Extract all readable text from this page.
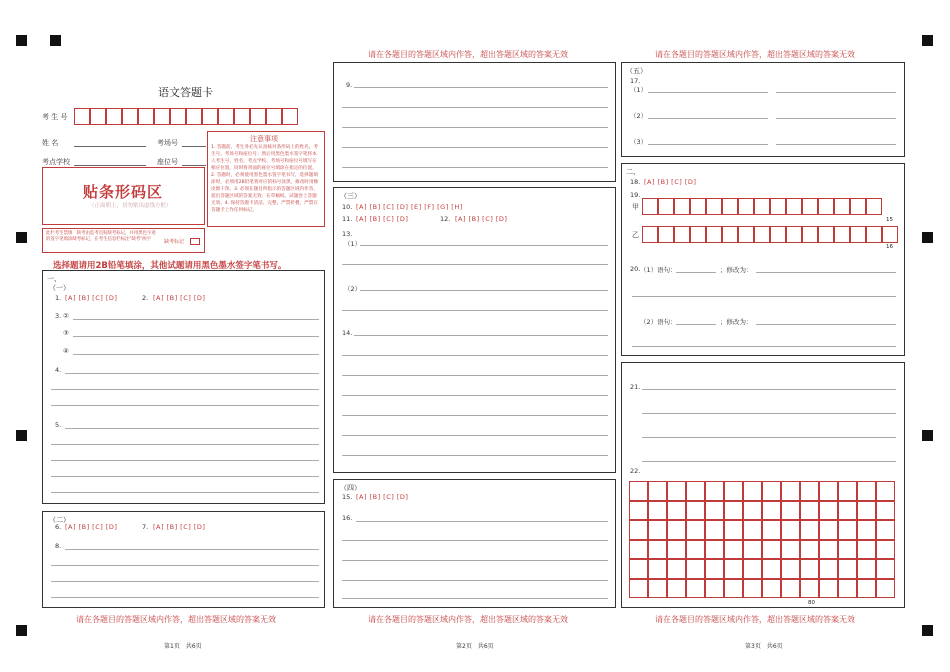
请在各题目的答题区域内作答，超出答题区域的答案无效	请在各题目的答题区域内作答，超出答题区域的答案无效
语文答题卡
考 生 号
姓 名	考场号
考点学校	座位号
贴条形码区
（正面朝上，切勿贴出虚线方框）
注意事项
1. 答题前，考生务必先认真核对条形码上的姓名、考生号、考场号和座位号；然后用黑色墨水签字笔将本人考生号、姓名、考点学校、考场号和座位号填写在相应位置，同时将背面的座位号填涂在指定的位置。2. 答题时，必须使用黑色墨水签字笔书写，选择题填涂时，必须用2B铅笔将对应的标号涂黑，修改时用橡皮擦干净。3. 必须在题目所指示的答题区域内作答，超出答题区域的答案无效；在草稿纸、试题卷上答题无效。4. 保持答题卡清洁、完整，严禁折叠，严禁在答题卡上作任何标记。
此栏考生禁填　缺考由监考员贴缺考标记，并用黑色字迹的签字笔填涂缺考标记，在考生信息栏标注"缺考"两字	缺考标记
选择题请用2B铅笔填涂，其他试题请用黑色墨水签字笔书写。
一、
（一）
1. [A] [B] [C] [D]	2. [A] [B] [C] [D]
3. ②
③
④
4.
5.
（二）
6. [A] [B] [C] [D]	7. [A] [B] [C] [D]
8.
9.
（三）
10. [A] [B] [C] [D] [E] [F] [G] [H]
11. [A] [B] [C] [D]	12. [A] [B] [C] [D]
13.
（1）
（2）
14.
（四）
15. [A] [B] [C] [D]
16.
（五）
17.
（1）
（2）
（3）
二、
18. [A] [B] [C] [D]
19.
甲
15
乙
16
20. （1）语句：	；修改为：
（2）语句：	；修改为：
21.
22.
80
请在各题目的答题区域内作答，超出答题区域的答案无效	请在各题目的答题区域内作答，超出答题区域的答案无效	请在各题目的答题区域内作答，超出答题区域的答案无效
第1页　共6页	第2页　共6页	第3页　共6页
